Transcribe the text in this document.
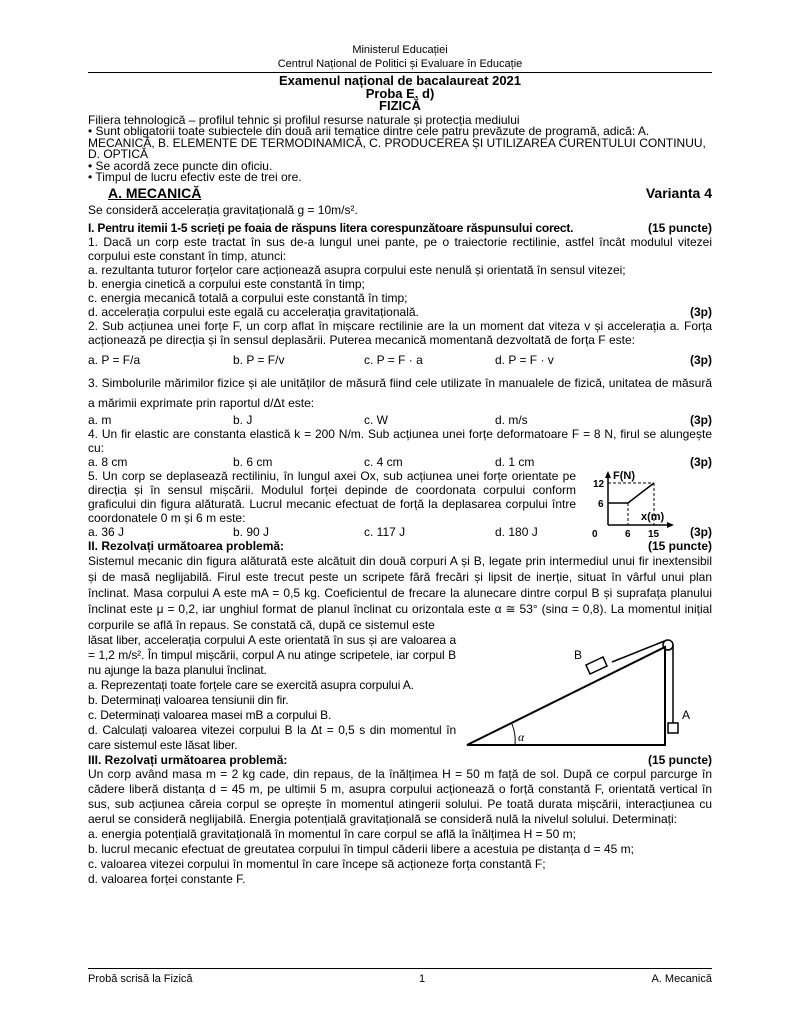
Ministerul Educației
Centrul Național de Politici și Evaluare în Educație
Examenul național de bacalaureat 2021
Proba E. d)
FIZICĂ
Filiera tehnologică – profilul tehnic și profilul resurse naturale și protecția mediului
• Sunt obligatorii toate subiectele din două arii tematice dintre cele patru prevăzute de programă, adică: A. MECANICĂ, B. ELEMENTE DE TERMODINAMICĂ, C. PRODUCEREA ȘI UTILIZAREA CURENTULUI CONTINUU, D. OPTICĂ
• Se acordă zece puncte din oficiu.
• Timpul de lucru efectiv este de trei ore.
A. MECANICĂ	Varianta 4
Se consideră accelerația gravitațională g = 10m/s².
I. Pentru itemii 1-5 scrieți pe foaia de răspuns litera corespunzătoare răspunsului corect.	(15 puncte)
1. Dacă un corp este tractat în sus de-a lungul unei pante, pe o traiectorie rectilinie, astfel încât modulul vitezei corpului este constant în timp, atunci:
a. rezultanta tuturor forțelor care acționează asupra corpului este nenulă și orientată în sensul vitezei;
b. energia cinetică a corpului este constantă în timp;
c. energia mecanică totală a corpului este constantă în timp;
d. accelerația corpului este egală cu accelerația gravitațională.	(3p)
2. Sub acțiunea unei forțe F, un corp aflat în mișcare rectilinie are la un moment dat viteza v și accelerația a. Forța acționează pe direcția și în sensul deplasării. Puterea mecanică momentană dezvoltată de forța F este:
a. P = F/a	b. P = F/v	c. P = F · a	d. P = F · v	(3p)
3. Simbolurile mărimilor fizice și ale unităților de măsură fiind cele utilizate în manualele de fizică, unitatea de măsură a mărimii exprimate prin raportul d/Δt este:
a. m	b. J	c. W	d. m/s	(3p)
4. Un fir elastic are constanta elastică k = 200 N/m. Sub acțiunea unei forțe deformatoare F = 8 N, firul se alungește cu:
a. 8 cm	b. 6 cm	c. 4 cm	d. 1 cm	(3p)
5. Un corp se deplasează rectiliniu, în lungul axei Ox, sub acțiunea unei forțe orientate pe direcția și în sensul mișcării. Modulul forței depinde de coordonata corpului conform graficului din figura alăturată. Lucrul mecanic efectuat de forță la deplasarea corpului între coordonatele 0 m și 6 m este:
a. 36 J	b. 90 J	c. 117 J	d. 180 J	(3p)
F(N)
x(m)
12
6
0	6 15
II. Rezolvați următoarea problemă:	(15 puncte)
Sistemul mecanic din figura alăturată este alcătuit din două corpuri A și B, legate prin intermediul unui fir inextensibil și de masă neglijabilă. Firul este trecut peste un scripete fără frecări și lipsit de inerție, situat în vârful unui plan înclinat. Masa corpului A este mA = 0,5 kg. Coeficientul de frecare la alunecare dintre corpul B și suprafața planului înclinat este μ = 0,2, iar unghiul format de planul înclinat cu orizontala este α ≅ 53° (sinα = 0,8). La momentul inițial corpurile se află în repaus. Se constată că, după ce sistemul este
lăsat liber, accelerația corpului A este orientată în sus și are valoarea a = 1,2 m/s². În timpul mișcării, corpul A nu atinge scripetele, iar corpul B nu ajunge la baza planului înclinat.
a. Reprezentați toate forțele care se exercită asupra corpului A.
b. Determinați valoarea tensiunii din fir.
c. Determinați valoarea masei mB a corpului B.
d. Calculați valoarea vitezei corpului B la Δt = 0,5 s din momentul în care sistemul este lăsat liber.
B
A
α
III. Rezolvați următoarea problemă:	(15 puncte)
Un corp având masa m = 2 kg cade, din repaus, de la înălțimea H = 50 m față de sol. După ce corpul parcurge în cădere liberă distanța d = 45 m, pe ultimii 5 m, asupra corpului acționează o forță constantă F, orientată vertical în sus, sub acțiunea căreia corpul se oprește în momentul atingerii solului. Pe toată durata mișcării, interacțiunea cu aerul se consideră neglijabilă. Energia potențială gravitațională se consideră nulă la nivelul solului. Determinați:
a. energia potențială gravitațională în momentul în care corpul se află la înălțimea H = 50 m;
b. lucrul mecanic efectuat de greutatea corpului în timpul căderii libere a acestuia pe distanța d = 45 m;
c. valoarea vitezei corpului în momentul în care începe să acționeze forța constantă F;
d. valoarea forței constante F.
Probă scrisă la Fizică	1	A. Mecanică
